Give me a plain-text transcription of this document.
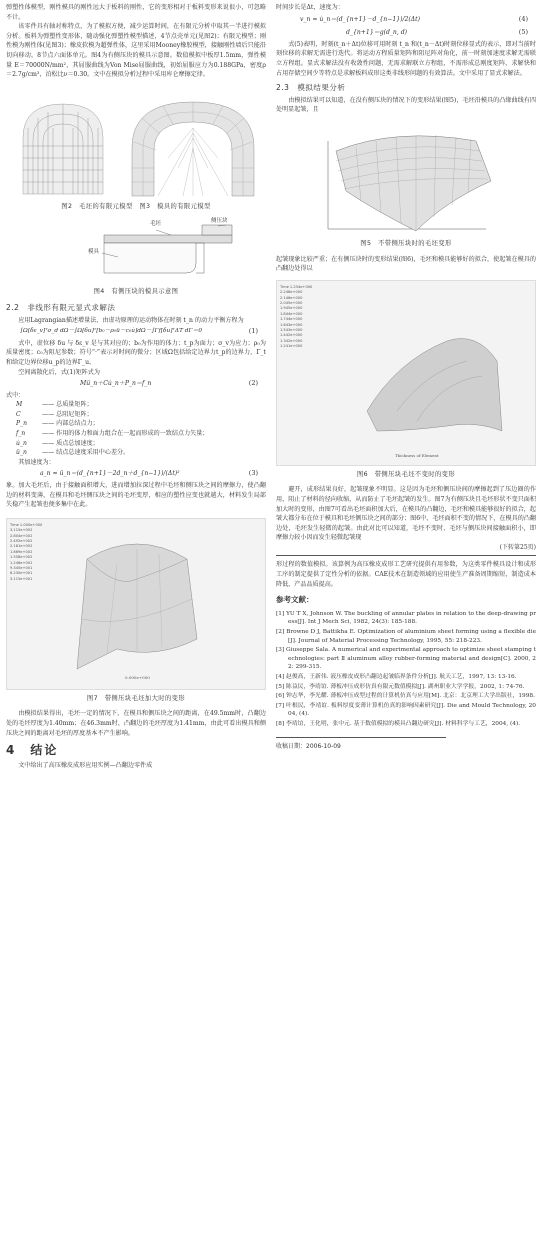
弹塑性体模型，刚性模具的刚性远大于板料的刚性，它的变形相对于板料变形来说很小，可忽略不计。

该零件具有轴对称特点，为了模拟方便，减少运算时间，在有限元分析中取其一半进行模拟分析。板料为弹塑性变形体，随动强化弹塑性模型描述，4节点壳单元(见图2)；有限元模型；刚性模为刚性体(见图3)；橡皮软模为超弹性体，这里采用Mooney橡胶模型，接触刚性墙后只能沿切向移动，8节点六面体单元。图4为有侧压块的模具示意图。数值模拟中板厚1.5mm，弹性模量 E＝70000N/mm²，其屈服曲线为Von Mise屈服曲线，初始屈服应力为0.188GPa，密度ρ＝2.7g/cm³，泊松比ν＝0.30。文中在模拟分析过程中采用库仑摩擦定律。

图2　毛坯的有限元模型　图3　模具的有限元模型
毛坯	侧压块
模具
图4　有侧压块的模具示意图
2.2　非线形有限元显式求解法

应用Lagrangian描述增量法，由虚功原理的运动物体在时刻 t_n 的动力平衡方程为

∫Ω[δε_v]ᵀσ_d dΩ－∫Ω[δu]ᵀ[b₀－ρ₀ü－c₀u̇]dΩ－∫Γf[δu]ᵀΔT dΓ＝0	(1)

式中，虚位移 δu 与 δε_v 是与其对应的；b₀为作用的体力；t_p为面力；σ_v为应力；ρ₀为质量密度；c₀为阻尼参数；符号“·”表示对时间的微分；区域Ω包括给定边界力t_p的边界力，Γ_t和给定边界位移u_p的边界Γ_u。

空间离散化后，式(1)矩阵式为

Mü_n＋Cu̇_n＋P_n＝f_n	(2)
式中：
M	—— 总质量矩阵；
C	—— 总阻尼矩阵；
P_n	—— 内部总结点力；
f_n	—— 作用的体力和面力组合在一起而形成的一致结点力矢量；
u̇_n	—— 质点总加速度；
ü_n	—— 结点总速度采用中心差分。

其加速度为：

a_n ≈ ü_n＝(d_{n+1}－2d_n＋d_{n−1})/(Δt)²	(3)

象。加大毛坯后，由于接触面积增大，进而增加拉深过程中毛坯和侧压块之间的摩擦力，使凸翻边的材料变薄，在模具和毛坯侧压块之间的毛坯变厚，相应的塑性应变也就越大，材料发生局部失稳产生起皱也便多集中在此。

Time 1.000e+000
3.115e+002
2.804e+002
2.492e+002
2.181e+002
1.869e+002
1.558e+002
1.246e+002
9.345e+001
6.230e+001
3.115e+001
0.000e+000
图7　带侧压块毛坯加大时的变形

由模拟结果得出，毛坯一定的情况下，在模具和侧压块之间的距离，在49.5mm时，凸翻边处的毛坯厚度为1.40mm；在46.3mm时，凸翻边的毛坯厚度为1.41mm，由此可看出模具和侧压块之间的距离对毛坯的厚度基本不产生影响。

4　结论

文中给出了高压橡皮成形应用实例—凸翻边零件成

时间步长是Δt，速度为：

v_n ≈ u̇_n＝(d_{n+1}－d_{n−1})/2(Δt)	(4)
d_{n+1}＝g(d_n, d)	(5)

式(5)表明，时刻(t_n＋Δt)位移可用时刻 t_n 和(t_n－Δt)时刻位移显式的表示，即对当前时刻位移的求解无需进行迭代。将运动方程质量矩阵和阻尼阵对角化，前一时刻加速度求解无需联立方程组。显式求解法没有收敛性问题，无需求解联立方程组，不需形成总刚度矩阵，求解快和占用存储空间少等特点是求解板料成形这类非线形问题的有效算法。文中采用了显式求解法。

2.3　模拟结果分析

由模拟结果可以知道，在没有侧压块的情况下的变形结果(图5)，毛坯沿模具的凸缘曲线有四处明显起皱，且

图5　不带侧压块时的毛坯变形

起皱现象比较严重；在有侧压块时的变形结果(图6)，毛坯和模具能够好的拟合，使起皱在模具的凸翻边处得以

Time 1.234e+000
2.246e+000
2.146e+000
2.045e+000
1.945e+000
1.844e+000
1.744e+000
1.643e+000
1.543e+000
1.442e+000
1.342e+000
1.241e+000
Thickness of Element
图6　带侧压块毛坯不变时的变形

避开，成形结果良好，起皱现象不明显。这是因为毛坯和侧压块间的摩擦起到了压边圈的作用，阻止了材料的径向收缩，从而防止了毛坯起皱的发生。图7为有侧压块且毛坯形状不变只面积加大时的变形，由图7可看出毛坯面积加大后，在模具的凸翻边，毛坯和模具能够很好的拟合，起皱大都分布在位于模具和毛坯侧压块之间的部分；图6中，毛坯面积不变的情况下，在模具的凸翻边处，毛坯发生轻微的起皱。由此对比可以知道，毛坯不变时，毛坯与侧压块间接触面积小，即摩擦力较小因而发生轻微起皱现

(下转第25页)

形过程的数值模拟。该算例为高压橡皮成形工艺研究提供有用参数，为这类零件模具设计和成形工序的制定提供了定性分析的依据。CAE技术在制造领域的应用使生产准备周期缩短，制造成本降低，产品品质提高。

参考文献：

[1] YU T X, Johnson W. The buckling of annular plates in relation to the deep-drawing press[J]. Int J Mech Sci, 1982, 24(3): 185-188.

[2] Browne D J, Battikha E. Optimization of aluminium sheet forming using a flexible die[J]. Journal of Material Processing Technology, 1995, 55: 218-223.

[3] Giuseppe Sala. A numerical and experimental approach to optimize sheet stamping technologies: part Ⅱ aluminum alloy rubber-forming material and design[C]. 2000, 22: 299-315.

[4] 赵俊高，王新伟. 液压橡皮成形凸翻边起皱临界条件分析[J]. 航天工艺，1997, 13: 13-16.

[5] 陈益民，李靖谊. 薄板冲压成形仿真有限元数值模拟[J]. 湖州职业大学学报，2002, 1: 74-76.

[6] 钟志华，李光耀. 薄板冲压成型过程的计算机仿真与应用[M]. 北京：北京理工大学出版社，1998.

[7] 叶根民，李靖谊. 板料厚度变薄计算机仿真的影响因素研究[J]. Die and Mould Technology, 2004, (4).

[8] 李靖谊，王化明，张中元. 基于数值模拟的模具凸翻边研究[J]. 材料科学与工艺，2004, (4).

收稿日期：2006-10-09
